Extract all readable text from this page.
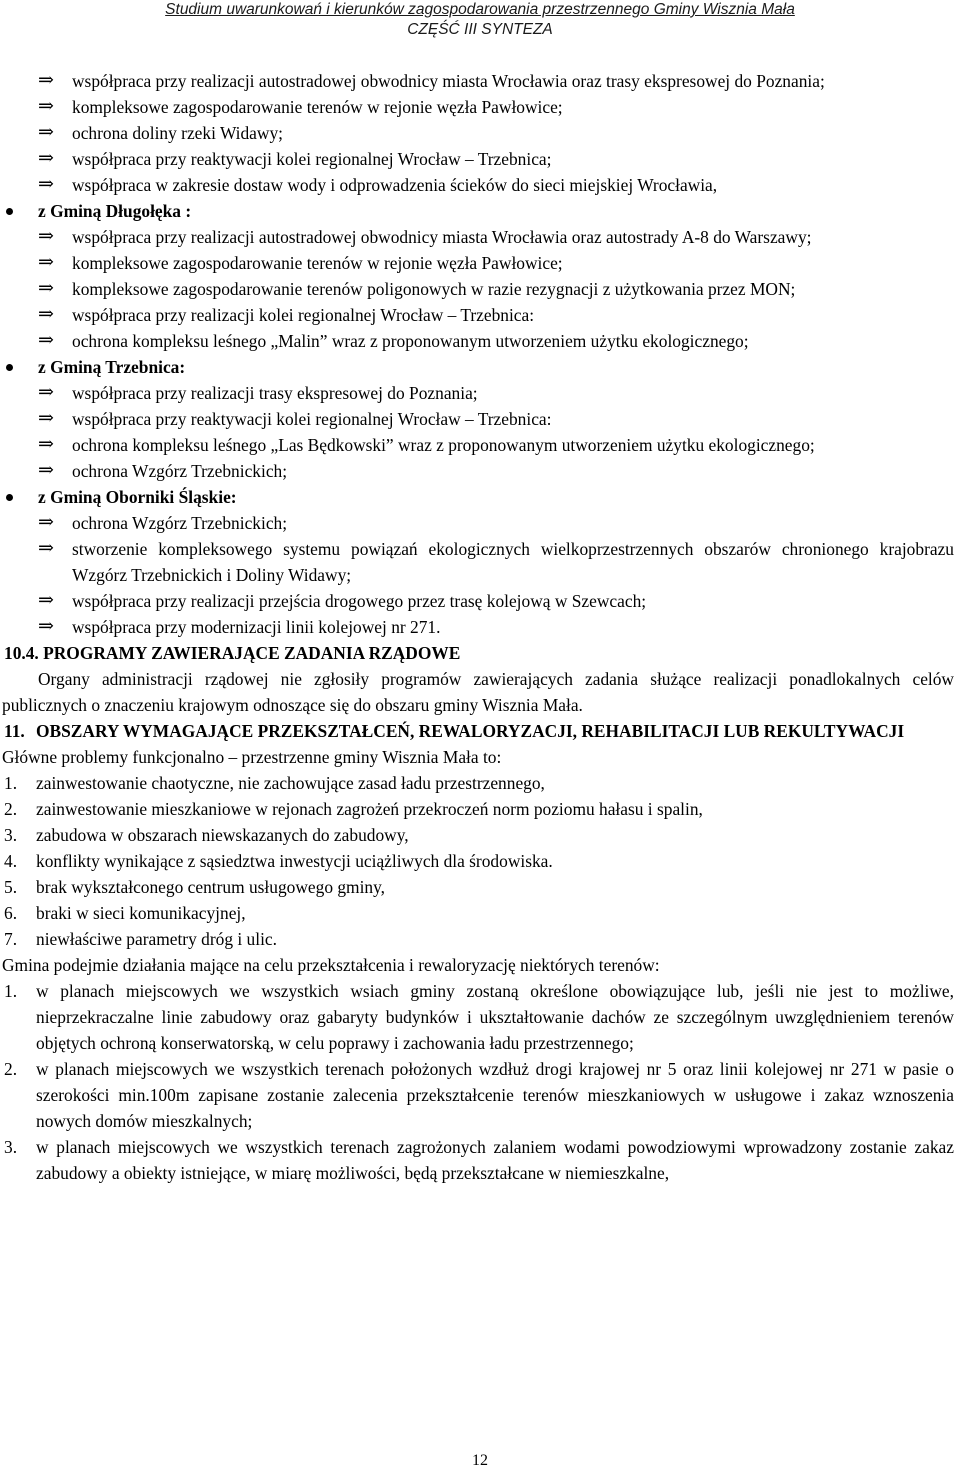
Studium uwarunkowań i kierunków zagospodarowania przestrzennego Gminy Wisznia Mała
CZĘŚĆ III SYNTEZA

⇒ współpraca przy realizacji autostradowej obwodnicy miasta Wrocławia oraz trasy ekspresowej do Poznania;

⇒ kompleksowe zagospodarowanie terenów w rejonie węzła Pawłowice;

⇒ ochrona doliny rzeki Widawy;

⇒ współpraca przy reaktywacji kolei regionalnej Wrocław – Trzebnica;

⇒ współpraca w zakresie dostaw wody i odprowadzenia ścieków do sieci miejskiej Wrocławia,

z Gminą Długołęka :

⇒ współpraca przy realizacji autostradowej obwodnicy miasta Wrocławia oraz autostrady A-8 do Warszawy;

⇒ kompleksowe zagospodarowanie terenów w rejonie węzła Pawłowice;

⇒ kompleksowe zagospodarowanie terenów poligonowych w razie rezygnacji z użytkowania przez MON;

⇒ współpraca przy realizacji kolei regionalnej Wrocław – Trzebnica:

⇒ ochrona kompleksu leśnego „Malin” wraz z proponowanym utworzeniem użytku ekologicznego;

z Gminą Trzebnica:

⇒ współpraca przy realizacji trasy ekspresowej do Poznania;

⇒ współpraca przy reaktywacji kolei regionalnej Wrocław – Trzebnica:

⇒ ochrona kompleksu leśnego „Las Będkowski” wraz z proponowanym utworzeniem użytku ekologicznego;

⇒ ochrona Wzgórz Trzebnickich;

z Gminą Oborniki Śląskie:

⇒ ochrona Wzgórz Trzebnickich;

⇒ stworzenie kompleksowego systemu powiązań ekologicznych wielkoprzestrzennych obszarów chronionego krajobrazu Wzgórz Trzebnickich i Doliny Widawy;

⇒ współpraca przy realizacji przejścia drogowego przez trasę kolejową w Szewcach;

⇒ współpraca przy modernizacji linii kolejowej nr 271.

10.4. PROGRAMY ZAWIERAJĄCE ZADANIA RZĄDOWE

Organy administracji rządowej nie zgłosiły programów zawierających zadania służące realizacji ponadlokalnych celów publicznych o znaczeniu krajowym odnoszące się do obszaru gminy Wisznia Mała.

11. OBSZARY WYMAGAJĄCE PRZEKSZTAŁCEŃ, REWALORYZACJI, REHABILITACJI LUB REKULTYWACJI

Główne problemy funkcjonalno – przestrzenne gminy Wisznia Mała to:

1. zainwestowanie chaotyczne, nie zachowujące zasad ładu przestrzennego,

2. zainwestowanie mieszkaniowe w rejonach zagrożeń przekroczeń norm poziomu hałasu i spalin,

3. zabudowa w obszarach niewskazanych do zabudowy,

4. konflikty wynikające z sąsiedztwa inwestycji uciążliwych dla środowiska.

5. brak wykształconego centrum usługowego gminy,

6. braki w sieci komunikacyjnej,

7. niewłaściwe parametry dróg i ulic.

Gmina podejmie działania mające na celu przekształcenia i rewaloryzację niektórych terenów:

1. w planach miejscowych we wszystkich wsiach gminy zostaną określone obowiązujące lub, jeśli nie jest to możliwe, nieprzekraczalne linie zabudowy oraz gabaryty budynków i ukształtowanie dachów ze szczególnym uwzględnieniem terenów objętych ochroną konserwatorską, w celu poprawy i zachowania ładu przestrzennego;

2. w planach miejscowych we wszystkich terenach położonych wzdłuż drogi krajowej nr 5 oraz linii kolejowej nr 271 w pasie o szerokości min.100m zapisane zostanie zalecenia przekształcenie terenów mieszkaniowych w usługowe i zakaz wznoszenia nowych domów mieszkalnych;

3. w planach miejscowych we wszystkich terenach zagrożonych zalaniem wodami powodziowymi wprowadzony zostanie zakaz zabudowy a obiekty istniejące, w miarę możliwości, będą przekształcane w niemieszkalne,

12
